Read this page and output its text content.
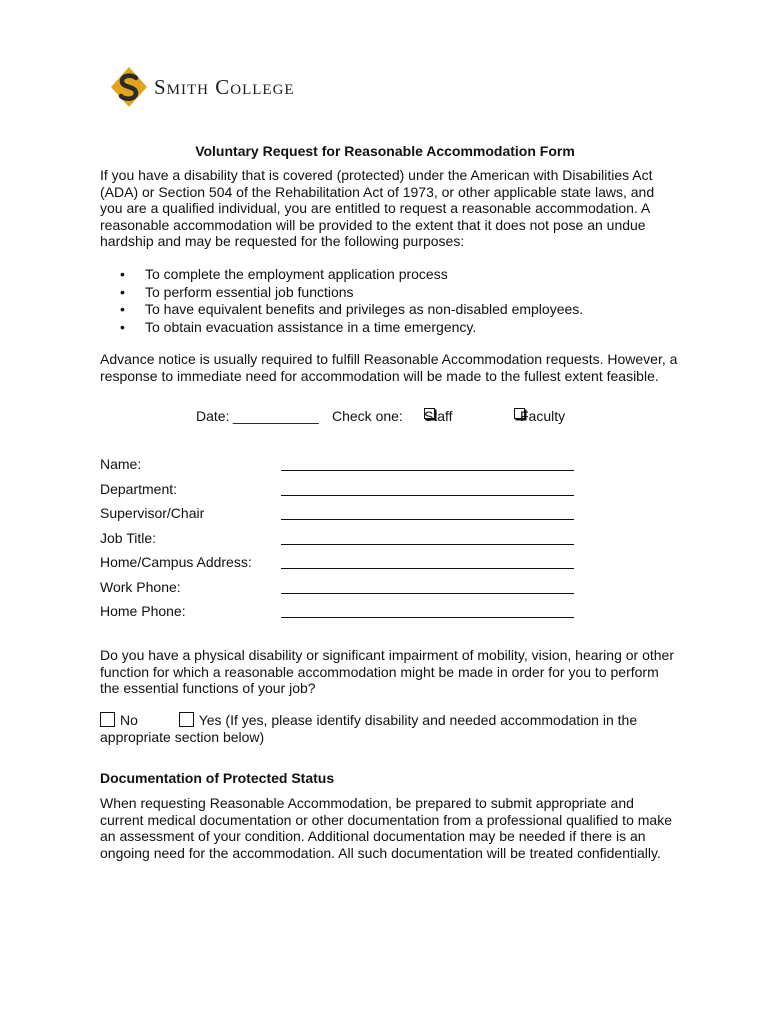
Smith College
Voluntary Request for Reasonable Accommodation Form

If you have a disability that is covered (protected) under the American with Disabilities Act (ADA) or Section 504 of the Rehabilitation Act of 1973, or other applicable state laws, and you are a qualified individual, you are entitled to request a reasonable accommodation. A reasonable accommodation will be provided to the extent that it does not pose an undue hardship and may be requested for the following purposes:

• To complete the employment application process
• To perform essential job functions
• To have equivalent benefits and privileges as non-disabled employees.
• To obtain evacuation assistance in a time emergency.

Advance notice is usually required to fulfill Reasonable Accommodation requests. However, a response to immediate need for accommodation will be made to the fullest extent feasible.

Date: ___________ Check one: Staff	Faculty
Name:
Department:
Supervisor/Chair
Job Title:
Home/Campus Address:
Work Phone:
Home Phone:

Do you have a physical disability or significant impairment of mobility, vision, hearing or other function for which a reasonable accommodation might be made in order for you to perform the essential functions of your job?

No	Yes (If yes, please identify disability and needed accommodation in the appropriate section below)
Documentation of Protected Status

When requesting Reasonable Accommodation, be prepared to submit appropriate and current medical documentation or other documentation from a professional qualified to make an assessment of your condition. Additional documentation may be needed if there is an ongoing need for the accommodation. All such documentation will be treated confidentially.
